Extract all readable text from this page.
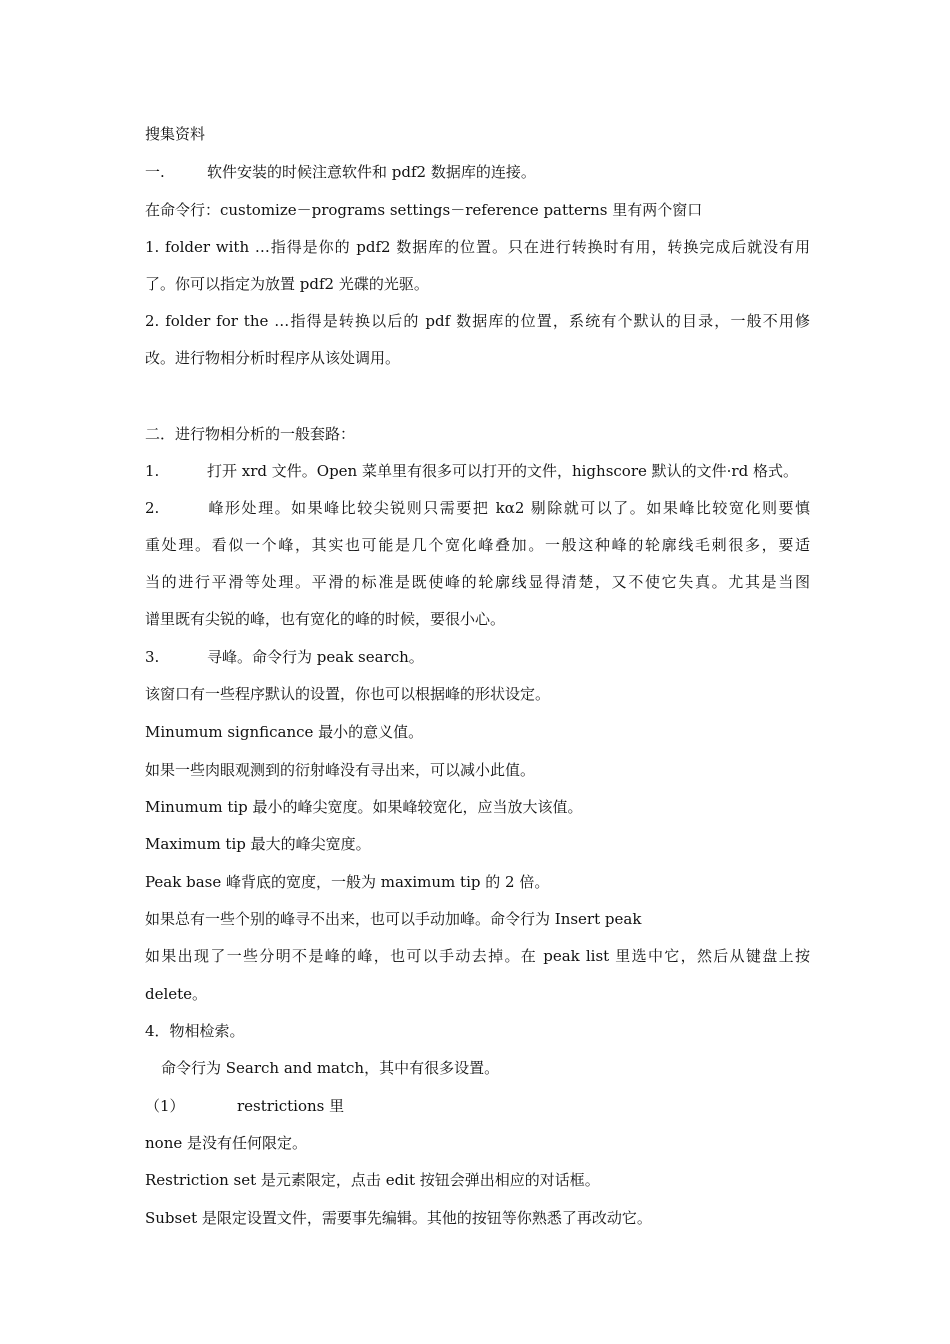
搜集资料
一.	软件安装的时候注意软件和 pdf2 数据库的连接。
在命令行：customize－programs settings－reference patterns 里有两个窗口
1. folder with …指得是你的 pdf2 数据库的位置。只在进行转换时有用，转换完成后就没有用
了。你可以指定为放置 pdf2 光碟的光驱。
2. folder for the …指得是转换以后的 pdf 数据库的位置，系统有个默认的目录，一般不用修
改。进行物相分析时程序从该处调用。
二．进行物相分析的一般套路：
1.	打开 xrd 文件。Open 菜单里有很多可以打开的文件，highscore 默认的文件·rd 格式。
2.	峰形处理。如果峰比较尖锐则只需要把 kα2 剔除就可以了。如果峰比较宽化则要慎
重处理。看似一个峰，其实也可能是几个宽化峰叠加。一般这种峰的轮廓线毛刺很多，要适
当的进行平滑等处理。平滑的标准是既使峰的轮廓线显得清楚，又不使它失真。尤其是当图
谱里既有尖锐的峰，也有宽化的峰的时候，要很小心。
3.	寻峰。命令行为 peak search。
该窗口有一些程序默认的设置，你也可以根据峰的形状设定。
Minumum signficance 最小的意义值。
如果一些肉眼观测到的衍射峰没有寻出来，可以减小此值。
Minumum tip 最小的峰尖宽度。如果峰较宽化，应当放大该值。
Maximum tip 最大的峰尖宽度。
Peak base 峰背底的宽度，一般为 maximum tip 的 2 倍。
如果总有一些个别的峰寻不出来，也可以手动加峰。命令行为 Insert peak
如果出现了一些分明不是峰的峰，也可以手动去掉。在 peak list 里选中它，然后从键盘上按
delete。
4．物相检索。
命令行为 Search and match，其中有很多设置。
（1）	restrictions 里
none 是没有任何限定。
Restriction set 是元素限定，点击 edit 按钮会弹出相应的对话框。
Subset 是限定设置文件，需要事先编辑。其他的按钮等你熟悉了再改动它。
